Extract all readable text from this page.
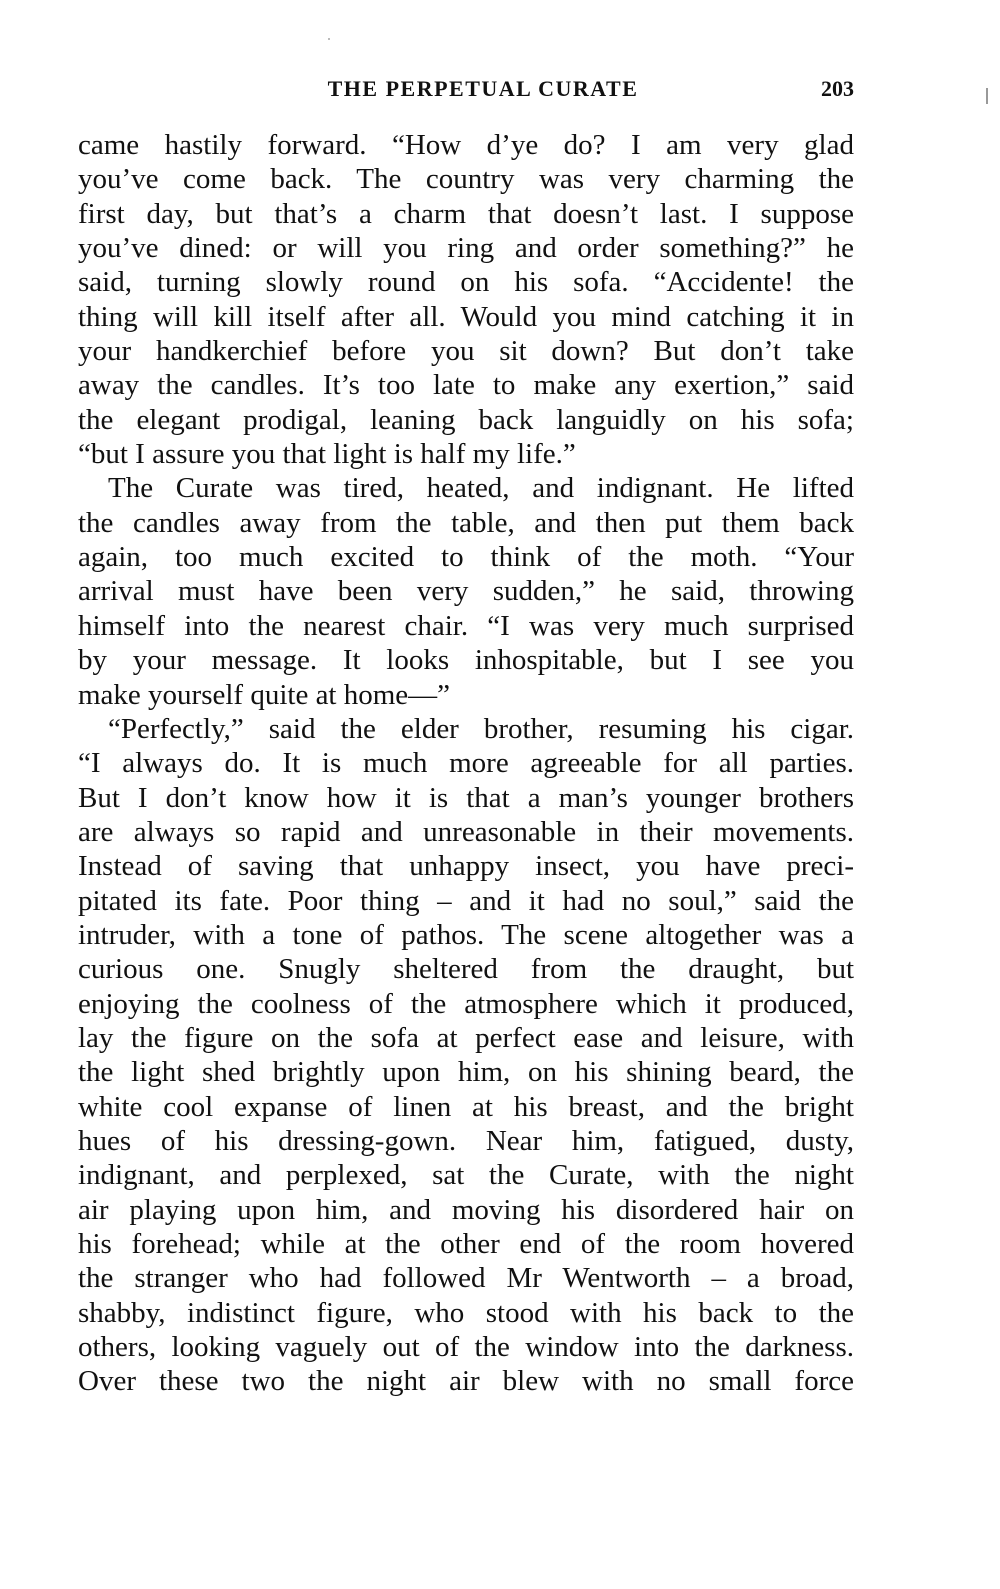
THE PERPETUAL CURATE	203
came hastily forward. “How d’ye do? I am very glad
you’ve come back. The country was very charming the
first day, but that’s a charm that doesn’t last. I suppose
you’ve dined: or will you ring and order something?” he
said, turning slowly round on his sofa. “Accidente! the
thing will kill itself after all. Would you mind catching it in
your handkerchief before you sit down? But don’t take
away the candles. It’s too late to make any exertion,” said
the elegant prodigal, leaning back languidly on his sofa;
“but I assure you that light is half my life.”
The Curate was tired, heated, and indignant. He lifted
the candles away from the table, and then put them back
again, too much excited to think of the moth. “Your
arrival must have been very sudden,” he said, throwing
himself into the nearest chair. “I was very much surprised
by your message. It looks inhospitable, but I see you
make yourself quite at home—”
“Perfectly,” said the elder brother, resuming his cigar.
“I always do. It is much more agreeable for all parties.
But I don’t know how it is that a man’s younger brothers
are always so rapid and unreasonable in their movements.
Instead of saving that unhappy insect, you have preci-
pitated its fate. Poor thing – and it had no soul,” said the
intruder, with a tone of pathos. The scene altogether was a
curious one. Snugly sheltered from the draught, but
enjoying the coolness of the atmosphere which it produced,
lay the figure on the sofa at perfect ease and leisure, with
the light shed brightly upon him, on his shining beard, the
white cool expanse of linen at his breast, and the bright
hues of his dressing-gown. Near him, fatigued, dusty,
indignant, and perplexed, sat the Curate, with the night
air playing upon him, and moving his disordered hair on
his forehead; while at the other end of the room hovered
the stranger who had followed Mr Wentworth – a broad,
shabby, indistinct figure, who stood with his back to the
others, looking vaguely out of the window into the darkness.
Over these two the night air blew with no small force
